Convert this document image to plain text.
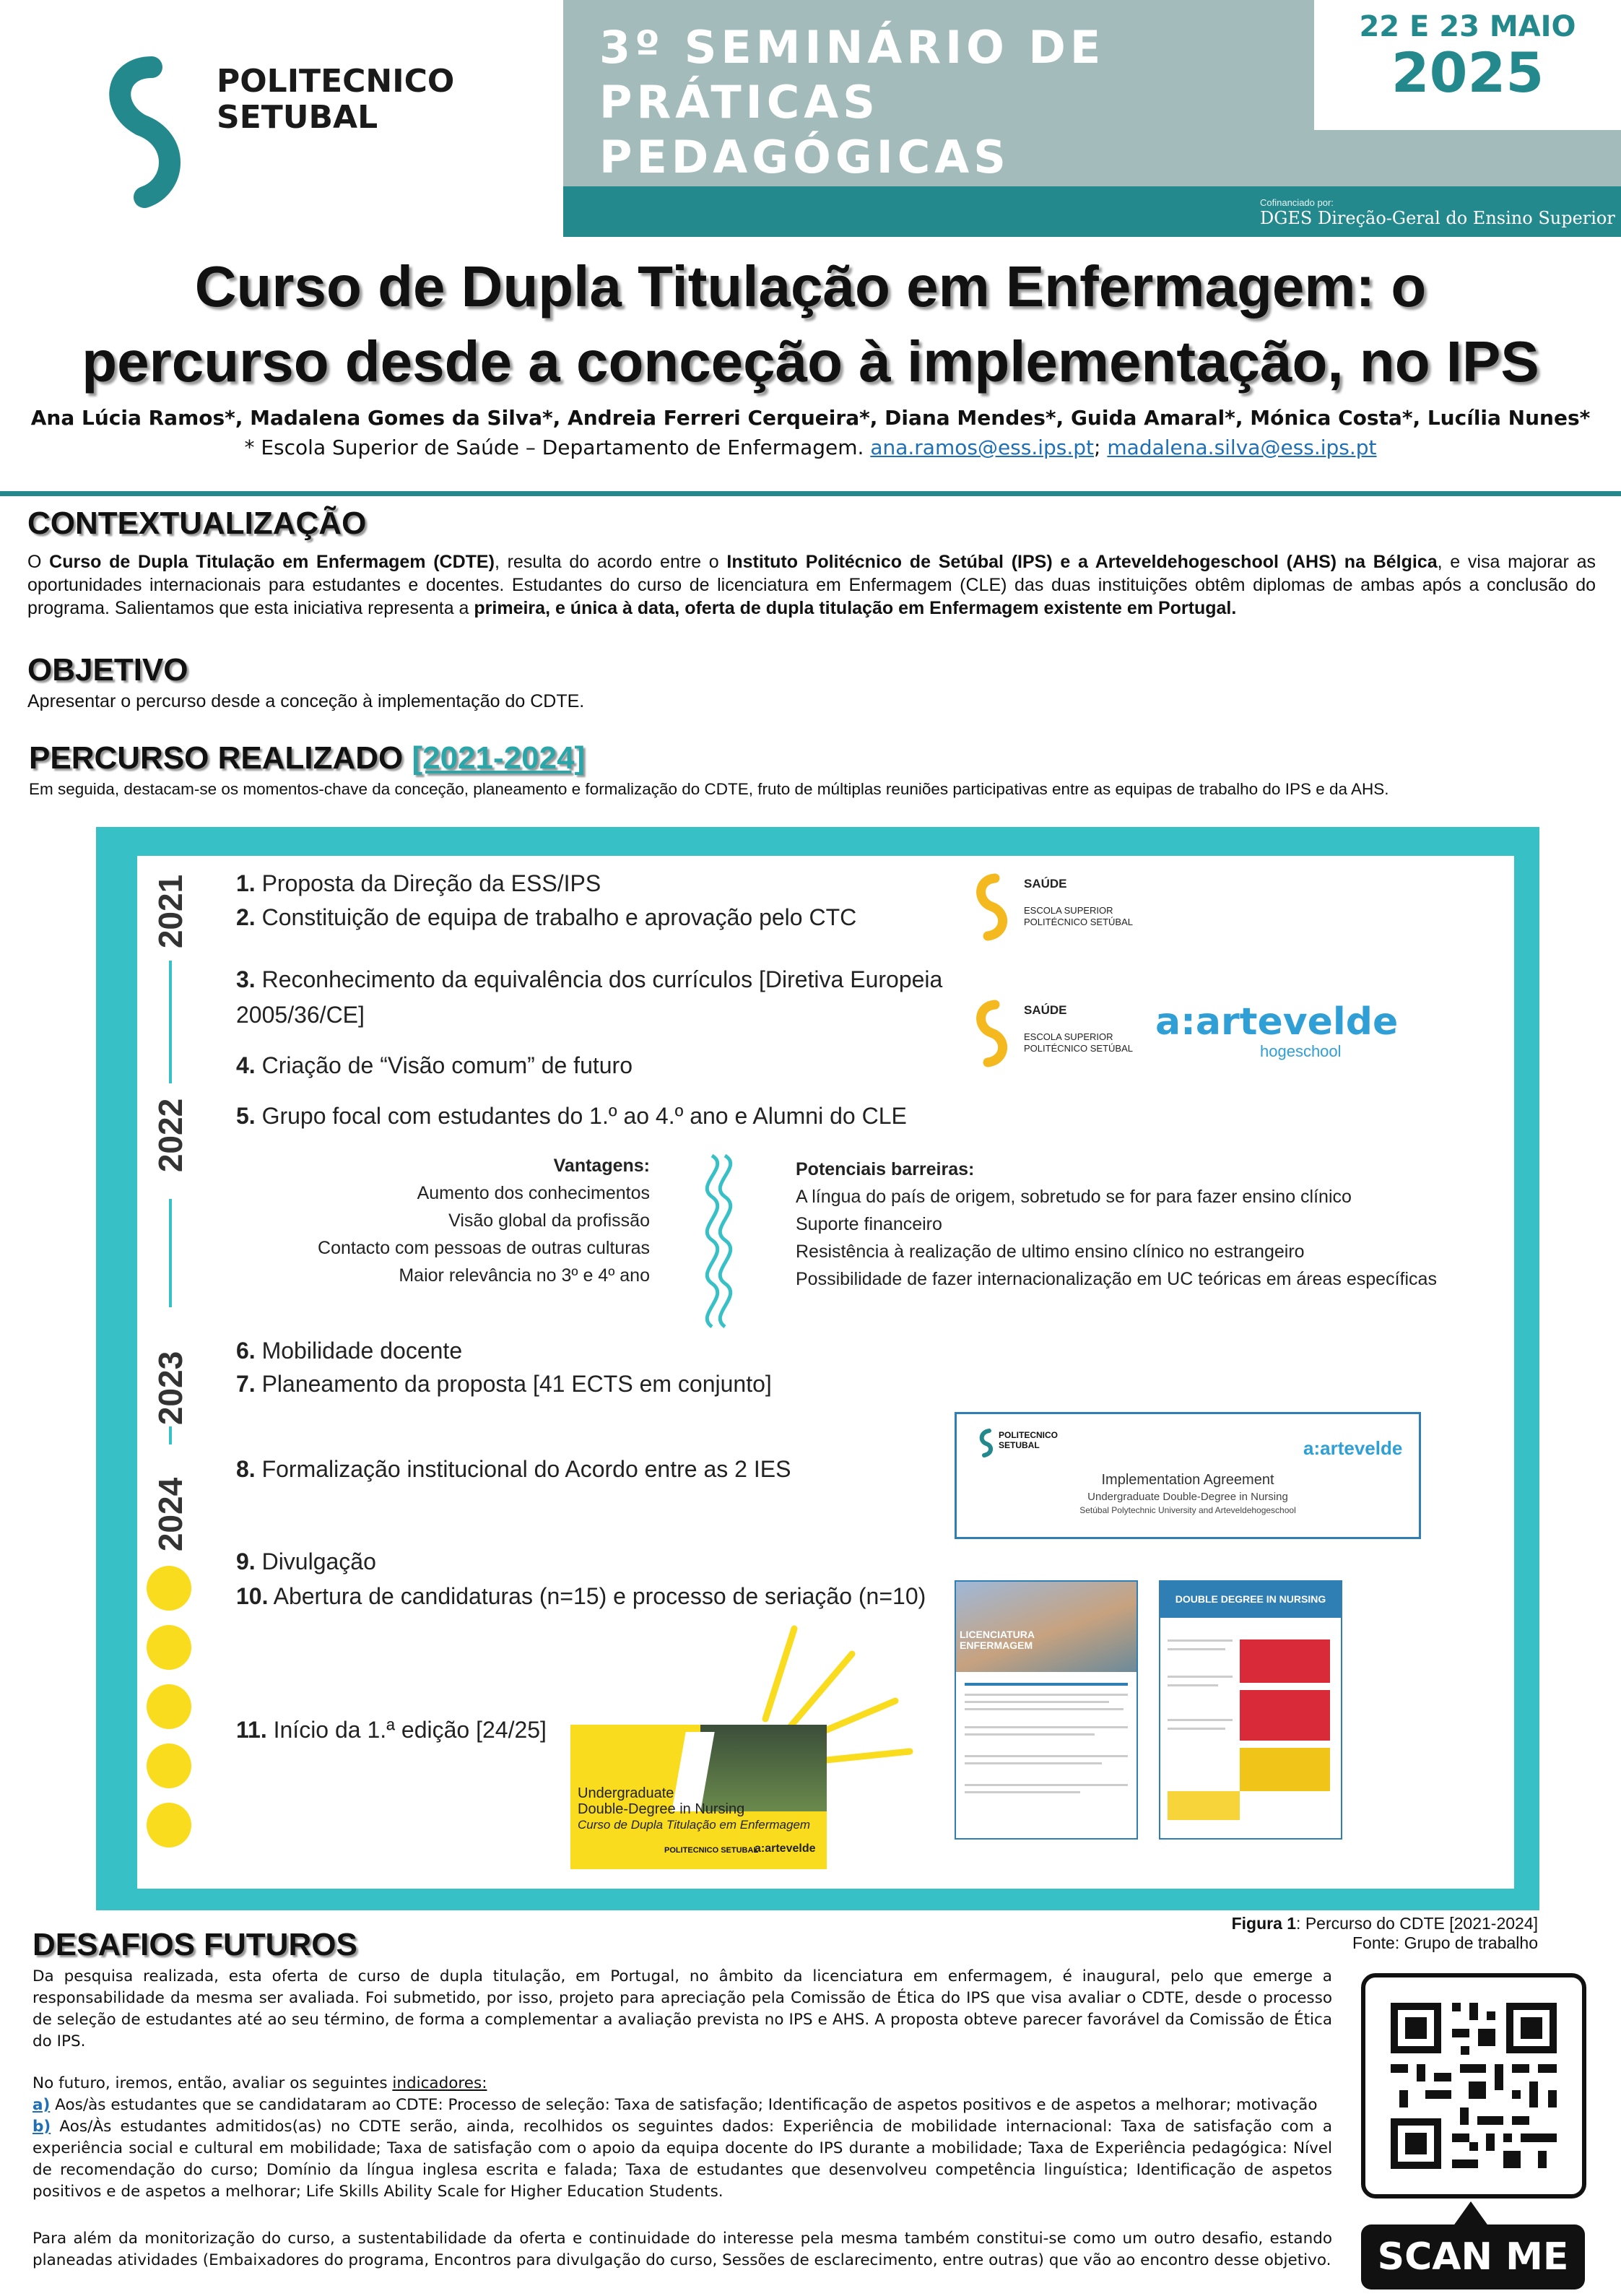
POLITECNICO
SETUBAL
3º SEMINÁRIO DE
PRÁTICAS PEDAGÓGICAS
22 E 23 MAIO
2025
Cofinanciado por:
DGES Direção-Geral do Ensino Superior
Curso de Dupla Titulação em Enfermagem: o
percurso desde a conceção à implementação, no IPS
Ana Lúcia Ramos*, Madalena Gomes da Silva*, Andreia Ferreri Cerqueira*, Diana Mendes*, Guida Amaral*, Mónica Costa*, Lucília Nunes*
* Escola Superior de Saúde – Departamento de Enfermagem. ana.ramos@ess.ips.pt; madalena.silva@ess.ips.pt
CONTEXTUALIZAÇÃO
O Curso de Dupla Titulação em Enfermagem (CDTE), resulta do acordo entre o Instituto Politécnico de Setúbal (IPS) e a Arteveldehogeschool (AHS) na Bélgica, e visa majorar as oportunidades internacionais para estudantes e docentes. Estudantes do curso de licenciatura em Enfermagem (CLE) das duas instituições obtêm diplomas de ambas após a conclusão do programa. Salientamos que esta iniciativa representa a primeira, e única à data, oferta de dupla titulação em Enfermagem existente em Portugal.
OBJETIVO
Apresentar o percurso desde a conceção à implementação do CDTE.
PERCURSO REALIZADO [2021-2024]
Em seguida, destacam-se os momentos-chave da conceção, planeamento e formalização do CDTE, fruto de múltiplas reuniões participativas entre as equipas de trabalho do IPS e da AHS.
2021
2022
2023
2024
1. Proposta da Direção da ESS/IPS
2. Constituição de equipa de trabalho e aprovação pelo CTC
3. Reconhecimento da equivalência dos currículos [Diretiva Europeia
2005/36/CE]
4. Criação de “Visão comum” de futuro
5. Grupo focal com estudantes do 1.º ao 4.º ano e Alumni do CLE
6. Mobilidade docente
7. Planeamento da proposta [41 ECTS em conjunto]
8. Formalização institucional do Acordo entre as 2 IES
9. Divulgação
10. Abertura de candidaturas (n=15) e processo de seriação (n=10)
11. Início da 1.ª edição [24/25]
Vantagens:
Aumento dos conhecimentos
Visão global da profissão
Contacto com pessoas de outras culturas
Maior relevância no 3º e 4º ano
Potenciais barreiras:
A língua do país de origem, sobretudo se for para fazer ensino clínico
Suporte financeiro
Resistência à realização de ultimo ensino clínico no estrangeiro
Possibilidade de fazer internacionalização em UC teóricas em áreas específicas
SAÚDE
ESCOLA SUPERIOR
POLITÉCNICO SETÚBAL
SAÚDE
ESCOLA SUPERIOR
POLITÉCNICO SETÚBAL
a:artevelde
hogeschool
POLITECNICO SETUBAL	a:artevelde
Implementation Agreement
Undergraduate Double-Degree in Nursing
Setúbal Polytechnic University and Arteveldehogeschool
LICENCIATURA ENFERMAGEM
DOUBLE DEGREE IN NURSING
Undergraduate
Double-Degree in Nursing
Curso de Dupla Titulação em Enfermagem
POLITECNICO SETUBAL
a:artevelde
Figura 1: Percurso do CDTE [2021-2024]
Fonte: Grupo de trabalho
DESAFIOS FUTUROS
Da pesquisa realizada, esta oferta de curso de dupla titulação, em Portugal, no âmbito da licenciatura em enfermagem, é inaugural, pelo que emerge a responsabilidade da mesma ser avaliada. Foi submetido, por isso, projeto para apreciação pela Comissão de Ética do IPS que visa avaliar o CDTE, desde o processo de seleção de estudantes até ao seu término, de forma a complementar a avaliação prevista no IPS e AHS. A proposta obteve parecer favorável da Comissão de Ética do IPS.
No futuro, iremos, então, avaliar os seguintes indicadores:
a) Aos/às estudantes que se candidataram ao CDTE: Processo de seleção: Taxa de satisfação; Identificação de aspetos positivos e de aspetos a melhorar; motivação
b) Aos/Às estudantes admitidos(as) no CDTE serão, ainda, recolhidos os seguintes dados: Experiência de mobilidade internacional: Taxa de satisfação com a experiência social e cultural em mobilidade; Taxa de satisfação com o apoio da equipa docente do IPS durante a mobilidade; Taxa de Experiência pedagógica: Nível de recomendação do curso; Domínio da língua inglesa escrita e falada; Taxa de estudantes que desenvolveu competência linguística; Identificação de aspetos positivos e de aspetos a melhorar; Life Skills Ability Scale for Higher Education Students.
Para além da monitorização do curso, a sustentabilidade da oferta e continuidade do interesse pela mesma também constitui-se como um outro desafio, estando planeadas atividades (Embaixadores do programa, Encontros para divulgação do curso, Sessões de esclarecimento, entre outras) que vão ao encontro desse objetivo.	SCAN ME
